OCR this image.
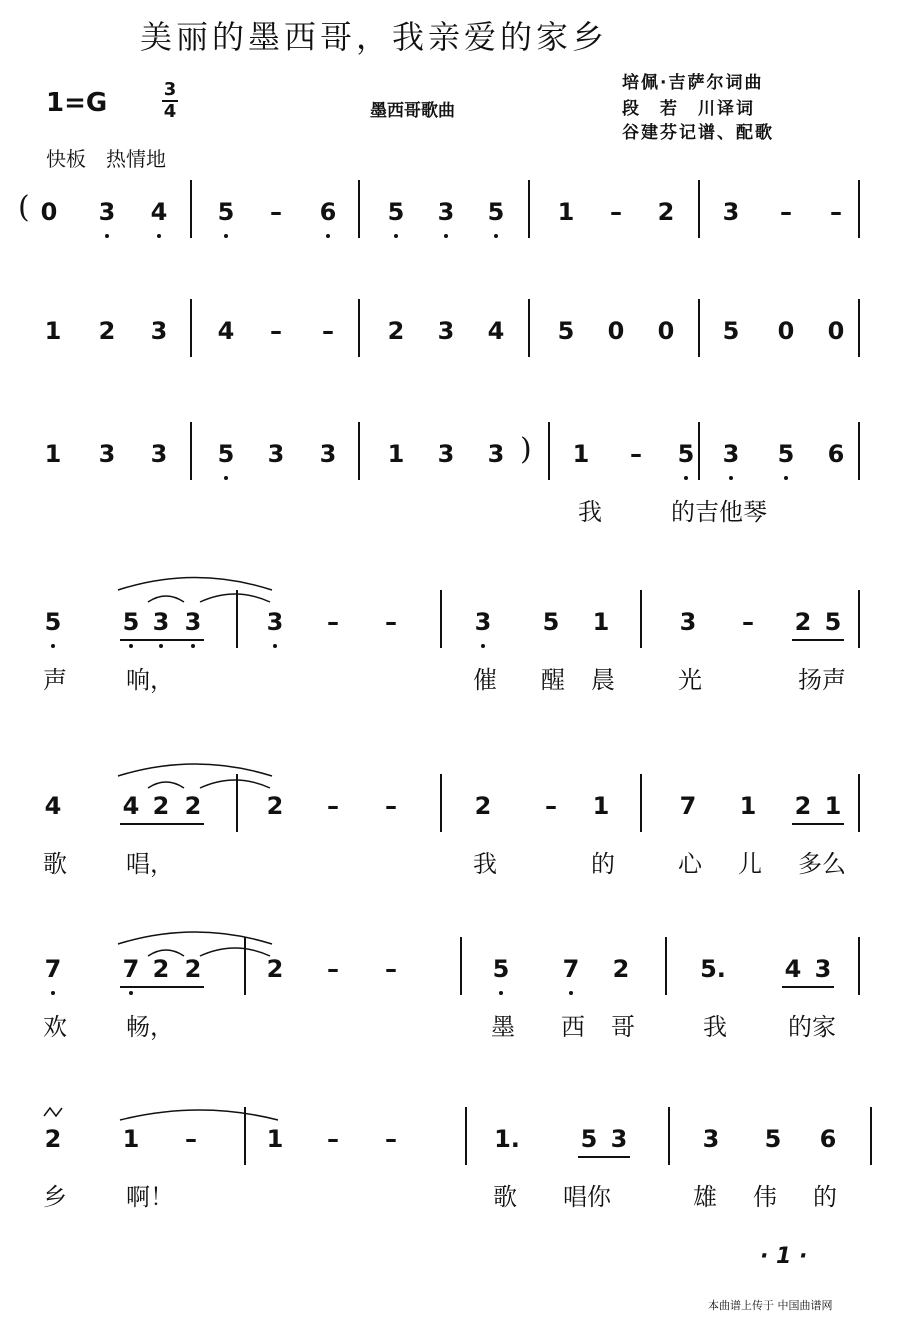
美丽的墨西哥，我亲爱的家乡
1=G	3
4	墨西哥歌曲
培佩·吉萨尔词曲
段　若　川译词
谷建芬记谱、配歌
快板　热情地
0 3 4 5 – 6 5 3 5 1 – 2 3 – –
1 2 3 4 – – 2 3 4 5 0 0 5 0 0
1 3 3 5 3 3 1 3 3	1 – 5 3 5 6
我	的吉他琴
5	5 3 3	3 – –	3 5 1	3 – 2 5
声	响，	催 醒 晨	光	扬声
4	4 2 2	2 – –	2 – 1	7 1 2 1
歌	唱，	我	的	心 儿	多么
7	7 2 2	2 – –	5 7 2	5. 4 3
欢	畅，	墨 西 哥	我	的家
2	1 –	1 – –	1.	5 3	3 5 6
乡	啊！	歌	唱你	雄 伟 的
(
)
· 1 ·
本曲谱上传于 中国曲谱网
